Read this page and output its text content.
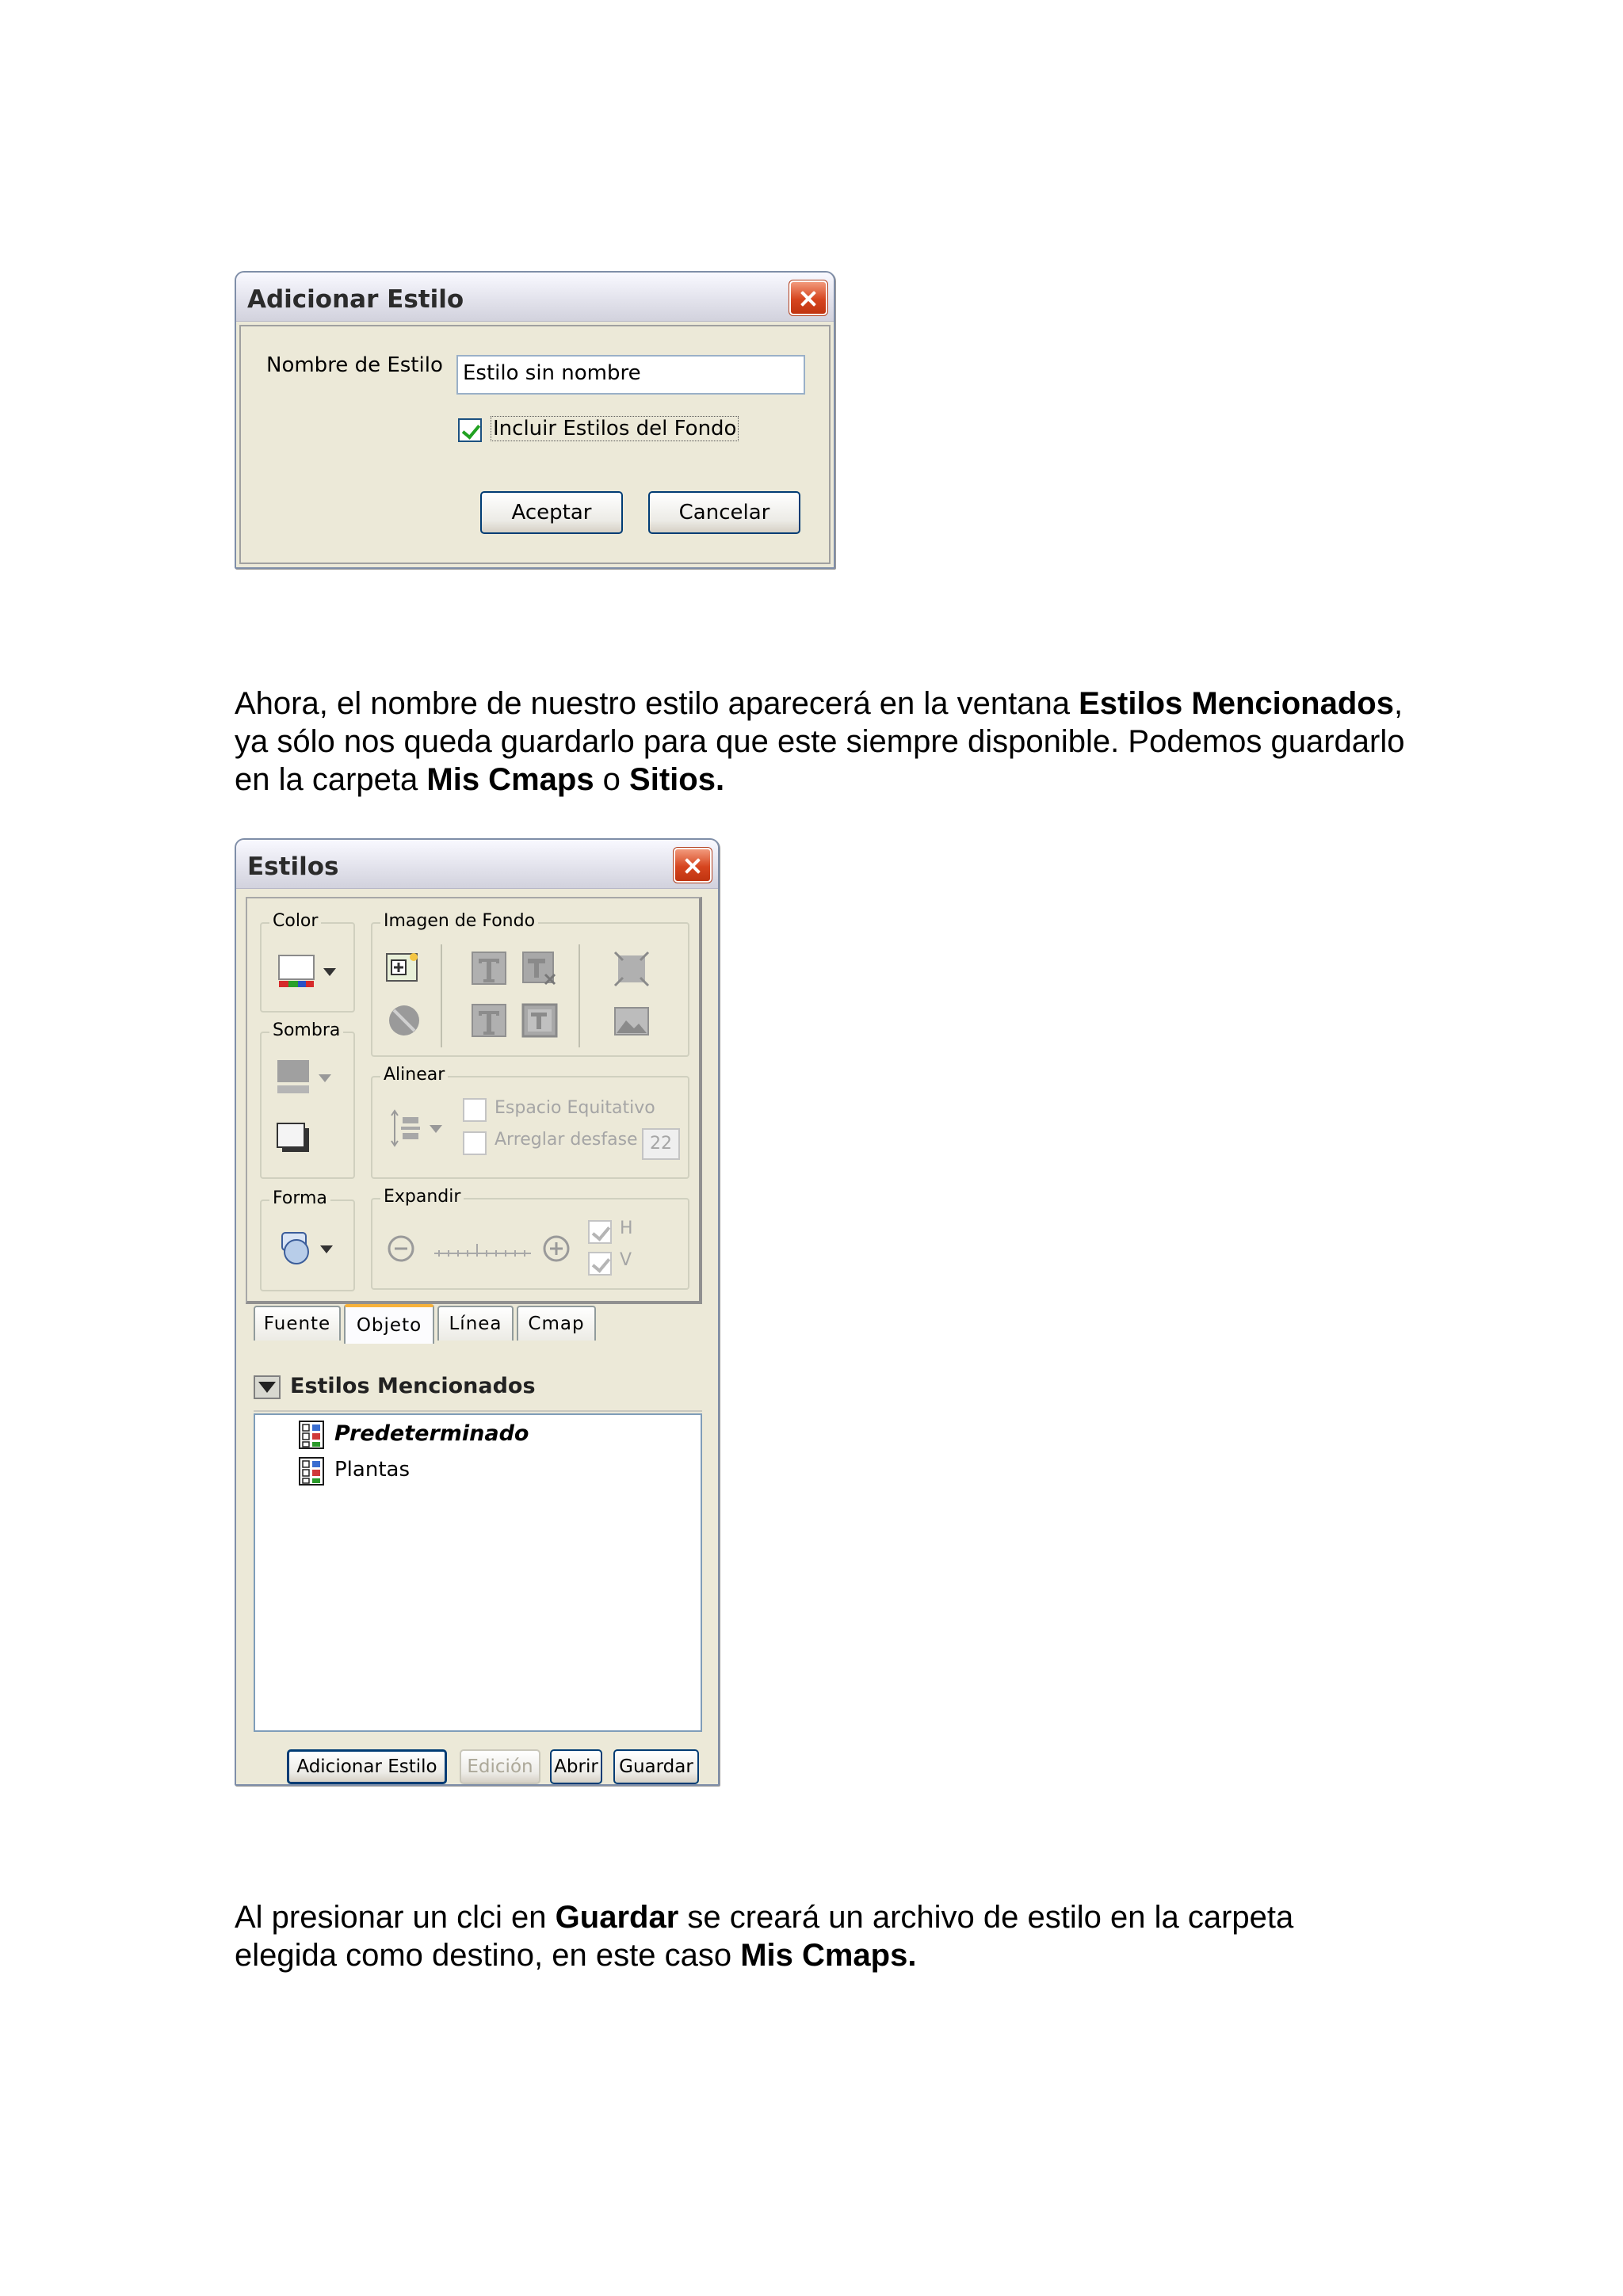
Adicionar Estilo
Nombre de Estilo Estilo sin nombre
Incluir Estilos del Fondo
Aceptar	Cancelar
Ahora, el nombre de nuestro estilo aparecerá en la ventana Estilos Mencionados, ya sólo nos queda guardarlo para que este siempre disponible. Podemos guardarlo en la carpeta Mis Cmaps o Sitios.
Estilos
Color
Sombra
Forma
Imagen de Fondo
Alinear
Espacio Equitativo
Arreglar desfase 22
Expandir
H
V
Fuente	Objeto	Línea	Cmap
Estilos Mencionados
Predeterminado
Plantas
Adicionar Estilo	Edición	Abrir	Guardar
Al presionar un clci en Guardar se creará un archivo de estilo en la carpeta elegida como destino, en este caso Mis Cmaps.
